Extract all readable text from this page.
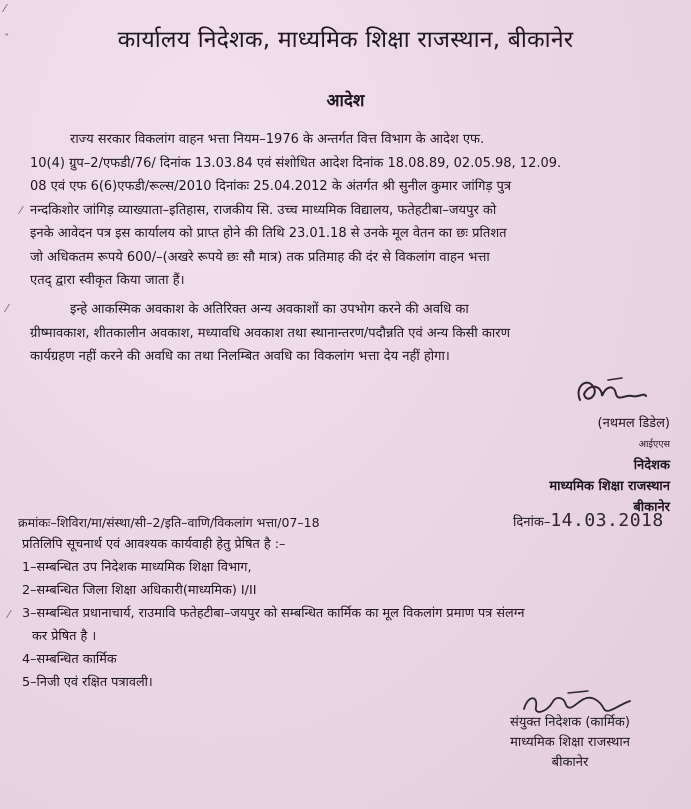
⁄
ˇ
⁄
⁄
⁄
कार्यालय निदेशक, माध्यमिक शिक्षा राजस्थान, बीकानेर
आदेश
राज्य सरकार विकलांग वाहन भत्ता नियम–1976 के अन्तर्गत वित्त विभाग के आदेश एफ.
10(4) ग्रुप–2/एफडी/76/ दिनांक 13.03.84 एवं संशोधित आदेश दिनांक 18.08.89, 02.05.98, 12.09.
08 एवं एफ 6(6)एफडी/रूल्स/2010 दिनांकः 25.04.2012 के अंतर्गत श्री सुनील कुमार जांगिड़ पुत्र
नन्दकिशोर जांगिड़ व्याख्याता–इतिहास, राजकीय सि. उच्च माध्यमिक विद्यालय, फतेहटीबा–जयपुर को
इनके आवेदन पत्र इस कार्यालय को प्राप्त होने की तिथि 23.01.18 से उनके मूल वेतन का छः प्रतिशत
जो अधिकतम रूपये 600/–(अखरे रूपये छः सौ मात्र) तक प्रतिमाह की दंर से विकलांग वाहन भत्ता
एतद् द्वारा स्वीकृत किया जाता हैं।
इन्हे आकस्मिक अवकाश के अतिरिक्त अन्य अवकाशों का उपभोग करने की अवधि का
ग्रीष्मावकाश, शीतकालीन अवकाश, मध्यावधि अवकाश तथा स्थानान्तरण/पदौन्नति एवं अन्य किसी कारण
कार्यग्रहण नहीं करने की अवधि का तथा निलम्बित अवधि का विकलांग भत्ता देय नहीं होगा।
(नथमल डिडेल)
आईएएस
निदेशक
माध्यमिक शिक्षा राजस्थान
बीकानेर
क्रमांकः–शिविरा/मा/संस्था/सी–2/इति–वाणि/विकलांग भत्ता/07–18	दिनांक–14.03.2018
प्रतिलिपि सूचनार्थ एवं आवश्यक कार्यवाही हेतु प्रेषित है :–
1–सम्बन्धित उप निदेशक माध्यमिक शिक्षा विभाग,
2–सम्बन्धित जिला शिक्षा अधिकारी(माध्यमिक) I/II
3–सम्बन्धित प्रधानाचार्य, राउमावि फतेहटीबा–जयपुर को सम्बन्धित कार्मिक का मूल विकलांग प्रमाण पत्र संलग्न
कर प्रेषित है ।
4–सम्बन्धित कार्मिक
5–निजी एवं रक्षित पत्रावली।
संयुक्त निदेशक (कार्मिक)
माध्यमिक शिक्षा राजस्थान
बीकानेर
